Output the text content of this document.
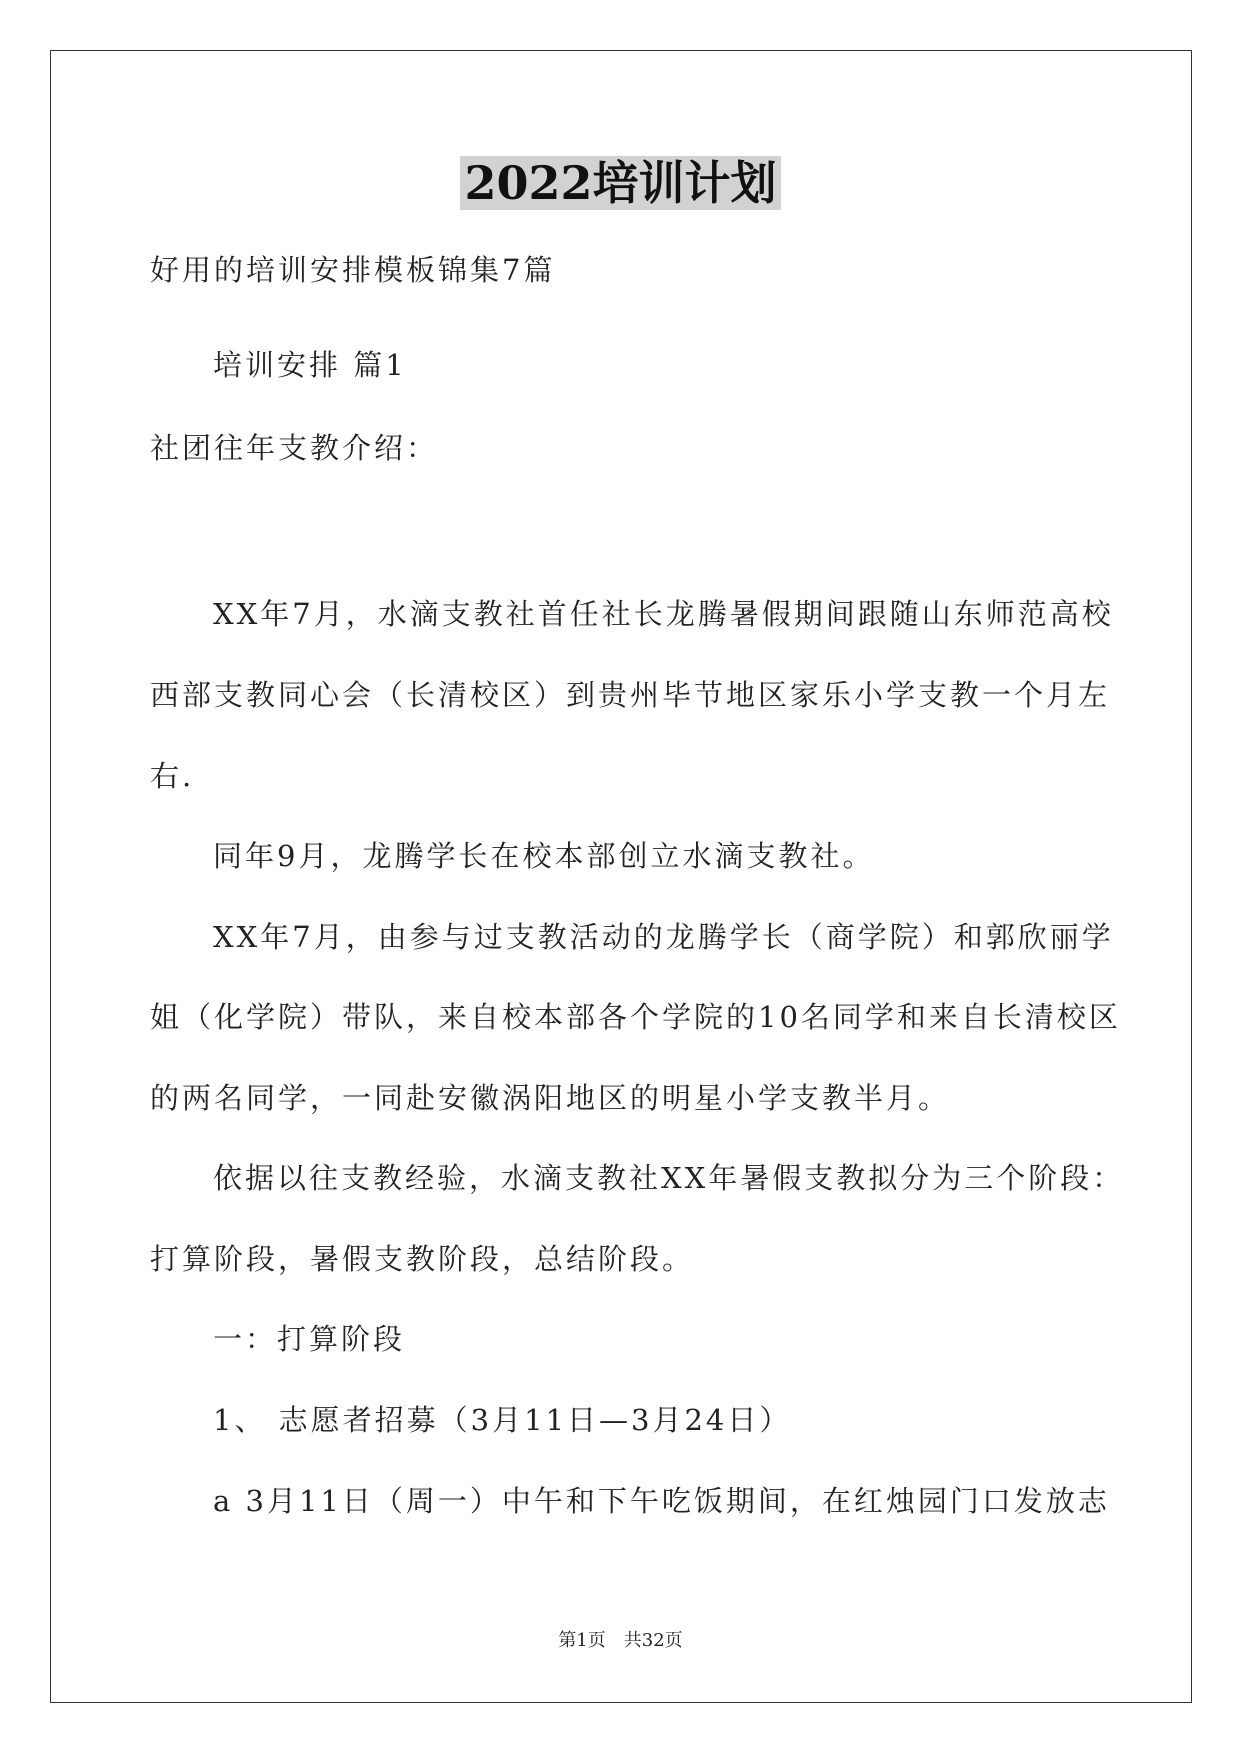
2022培训计划
好用的培训安排模板锦集7篇
培训安排 篇1
社团往年支教介绍：
XX年7月，水滴支教社首任社长龙腾暑假期间跟随山东师范高校
西部支教同心会（长清校区）到贵州毕节地区家乐小学支教一个月左
右.
同年9月，龙腾学长在校本部创立水滴支教社。
XX年7月，由参与过支教活动的龙腾学长（商学院）和郭欣丽学
姐（化学院）带队，来自校本部各个学院的10名同学和来自长清校区
的两名同学，一同赴安徽涡阳地区的明星小学支教半月。
依据以往支教经验，水滴支教社XX年暑假支教拟分为三个阶段：
打算阶段，暑假支教阶段，总结阶段。
一：打算阶段
1、 志愿者招募（3月11日—3月24日）
a 3月11日（周一）中午和下午吃饭期间，在红烛园门口发放志
第1页　共32页
